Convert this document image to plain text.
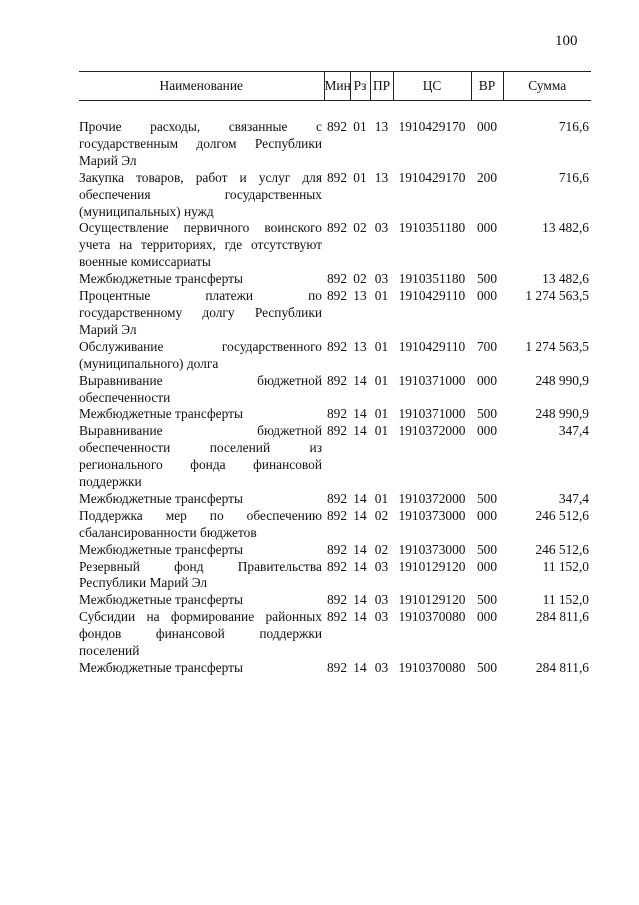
100
Наименование	Мин	Рз	ПР	ЦС	ВР	Сумма

Прочие расходы, связанные с государственным долгом Республики Марий Эл	892	01	13	1910429170	000	716,6
Закупка товаров, работ и услуг для обеспечения государственных (муниципальных) нужд	892	01	13	1910429170	200	716,6
Осуществление первичного воинского учета на территориях, где отсутствуют военные комиссариаты	892	02	03	1910351180	000	13 482,6
Межбюджетные трансферты	892	02	03	1910351180	500	13 482,6
Процентные платежи по государственному долгу Республики Марий Эл	892	13	01	1910429110	000	1 274 563,5
Обслуживание государственного (муниципального) долга	892	13	01	1910429110	700	1 274 563,5
Выравнивание бюджетной обеспеченности	892	14	01	1910371000	000	248 990,9
Межбюджетные трансферты	892	14	01	1910371000	500	248 990,9
Выравнивание бюджетной обеспеченности поселений из регионального фонда финансовой поддержки	892	14	01	1910372000	000	347,4
Межбюджетные трансферты	892	14	01	1910372000	500	347,4
Поддержка мер по обеспечению сбалансированности бюджетов	892	14	02	1910373000	000	246 512,6
Межбюджетные трансферты	892	14	02	1910373000	500	246 512,6
Резервный фонд Правительства Республики Марий Эл	892	14	03	1910129120	000	11 152,0
Межбюджетные трансферты	892	14	03	1910129120	500	11 152,0
Субсидии на формирование районных фондов финансовой поддержки поселений	892	14	03	1910370080	000	284 811,6
Межбюджетные трансферты	892	14	03	1910370080	500	284 811,6
